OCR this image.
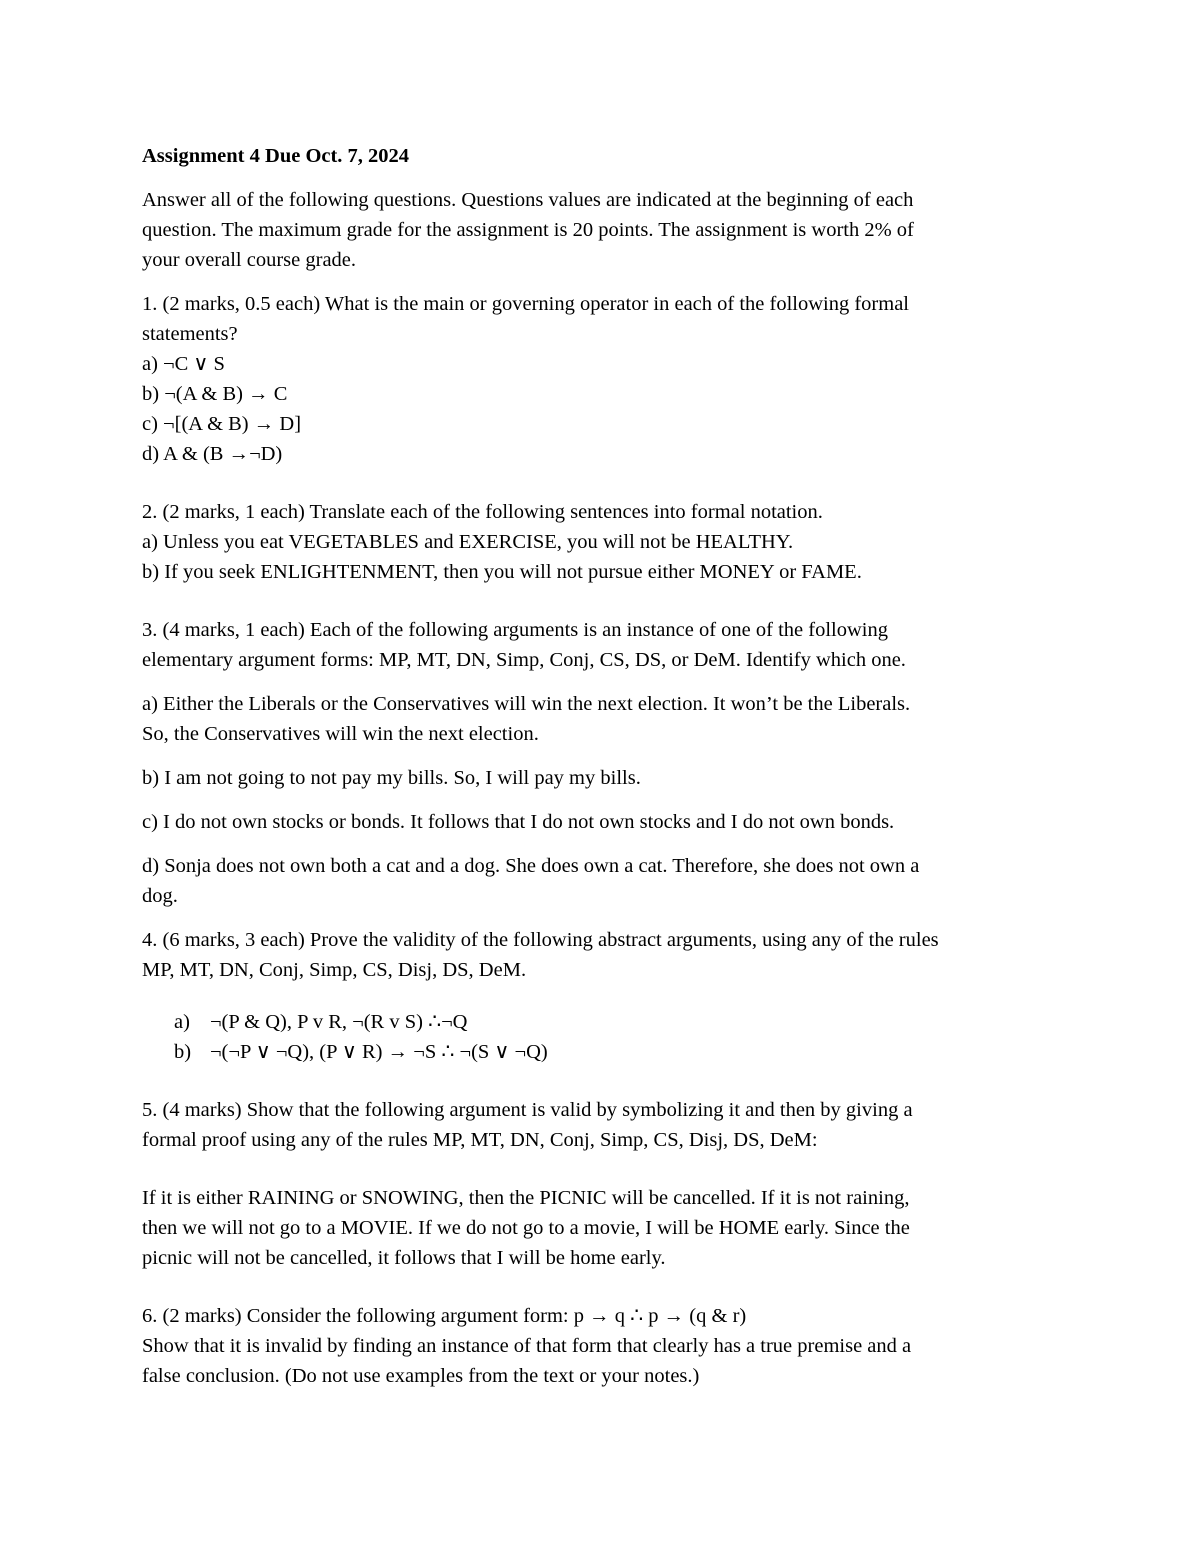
Assignment 4 Due Oct. 7, 2024

Answer all of the following questions. Questions values are indicated at the beginning of each
question. The maximum grade for the assignment is 20 points. The assignment is worth 2% of
your overall course grade.

1. (2 marks, 0.5 each) What is the main or governing operator in each of the following formal
statements?
a) ¬C ∨ S
b) ¬(A & B) → C
c) ¬[(A & B) → D]
d) A & (B →¬D)
2. (2 marks, 1 each) Translate each of the following sentences into formal notation.
a) Unless you eat VEGETABLES and EXERCISE, you will not be HEALTHY.
b) If you seek ENLIGHTENMENT, then you will not pursue either MONEY or FAME.
3. (4 marks, 1 each) Each of the following arguments is an instance of one of the following
elementary argument forms: MP, MT, DN, Simp, Conj, CS, DS, or DeM. Identify which one.
a) Either the Liberals or the Conservatives will win the next election. It won’t be the Liberals.
So, the Conservatives will win the next election.
b) I am not going to not pay my bills. So, I will pay my bills.
c) I do not own stocks or bonds. It follows that I do not own stocks and I do not own bonds.
d) Sonja does not own both a cat and a dog. She does own a cat. Therefore, she does not own a
dog.
4. (6 marks, 3 each) Prove the validity of the following abstract arguments, using any of the rules
MP, MT, DN, Conj, Simp, CS, Disj, DS, DeM.
a) ¬(P & Q), P v R, ¬(R v S) ∴¬Q
b) ¬(¬P ∨ ¬Q), (P ∨ R) → ¬S ∴ ¬(S ∨ ¬Q)
5. (4 marks) Show that the following argument is valid by symbolizing it and then by giving a
formal proof using any of the rules MP, MT, DN, Conj, Simp, CS, Disj, DS, DeM:
If it is either RAINING or SNOWING, then the PICNIC will be cancelled. If it is not raining,
then we will not go to a MOVIE. If we do not go to a movie, I will be HOME early. Since the
picnic will not be cancelled, it follows that I will be home early.
6. (2 marks) Consider the following argument form: p → q ∴ p → (q & r)
Show that it is invalid by finding an instance of that form that clearly has a true premise and a
false conclusion. (Do not use examples from the text or your notes.)
